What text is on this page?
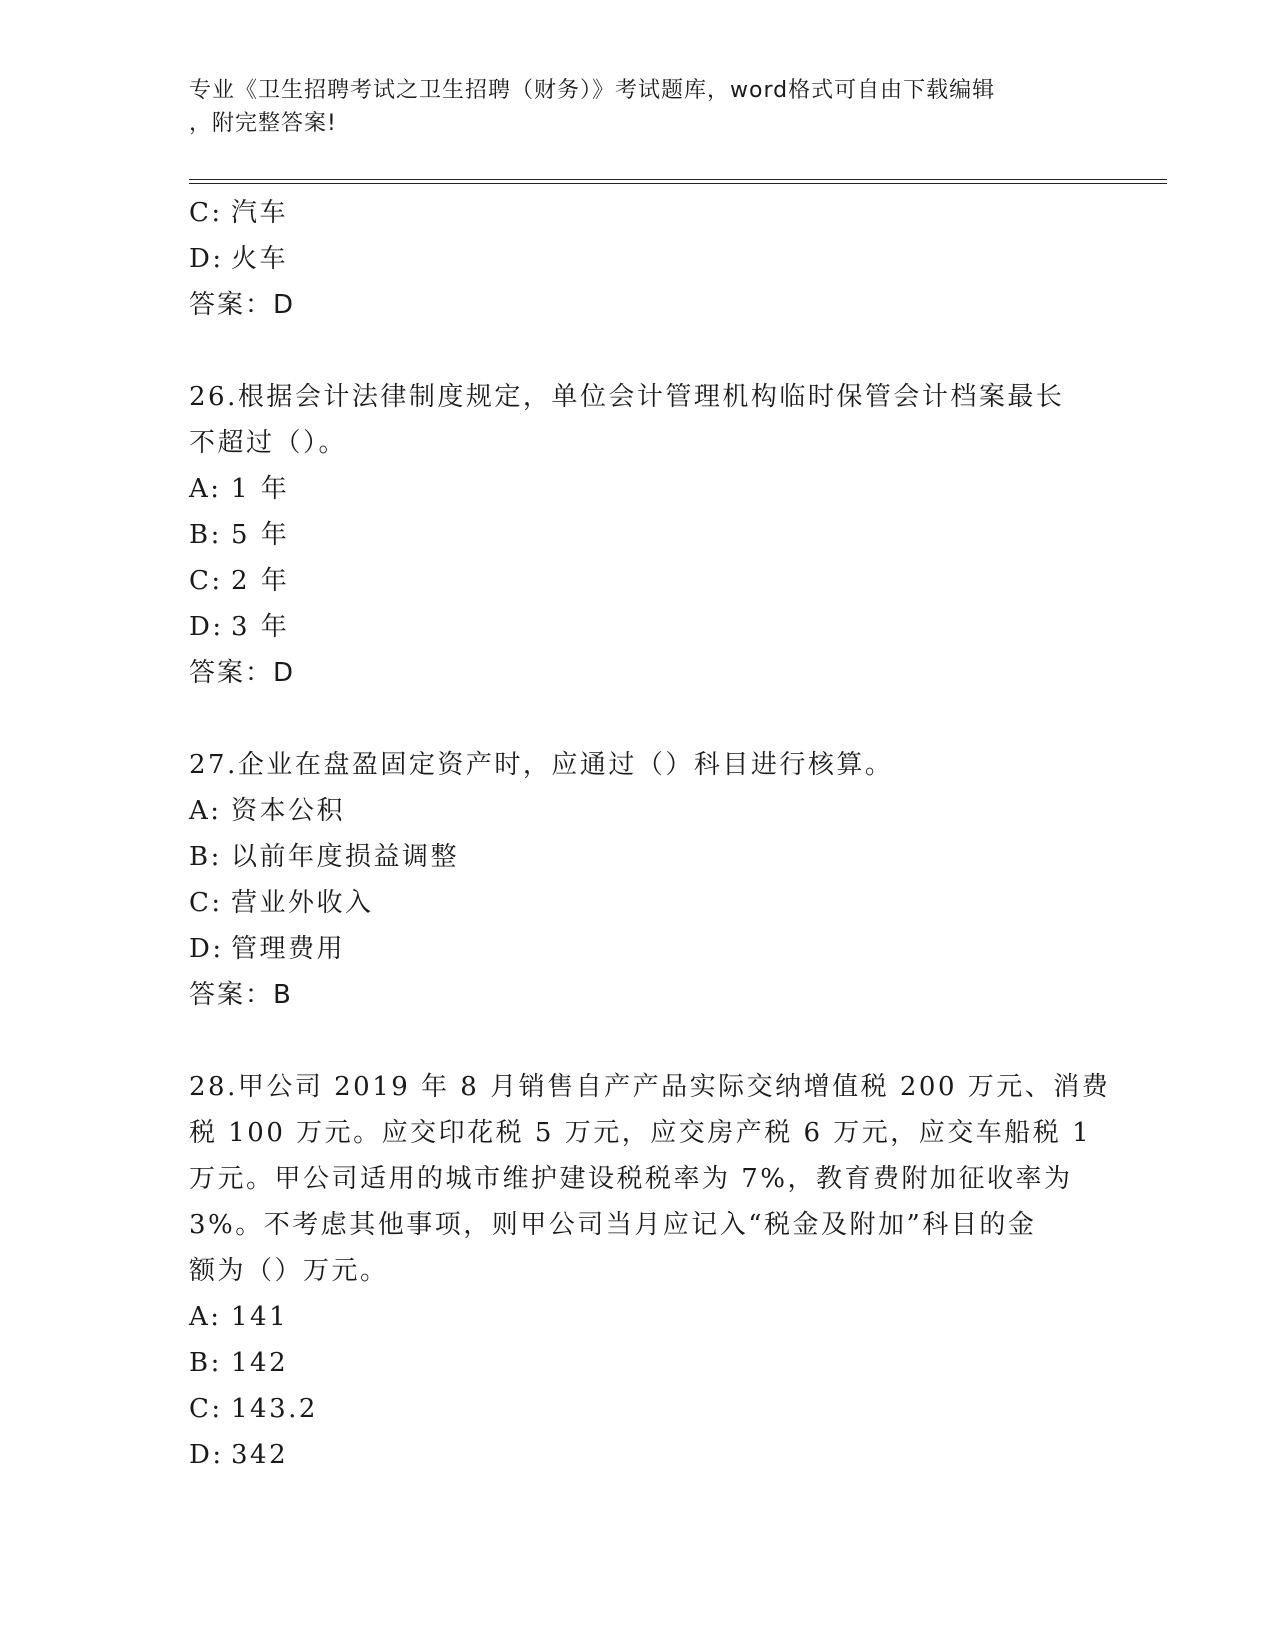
专业《卫生招聘考试之卫生招聘（财务）》考试题库，word格式可自由下载编辑
，附完整答案!
C: 汽车
D: 火车
答案：D
26.根据会计法律制度规定，单位会计管理机构临时保管会计档案最长
不超过（）。
A: 1 年
B: 5 年
C: 2 年
D: 3 年
答案：D
27.企业在盘盈固定资产时，应通过（）科目进行核算。
A: 资本公积
B: 以前年度损益调整
C: 营业外收入
D: 管理费用
答案：B
28.甲公司 2019 年 8 月销售自产产品实际交纳增值税 200 万元、消费
税 100 万元。应交印花税 5 万元，应交房产税 6 万元，应交车船税 1
万元。甲公司适用的城市维护建设税税率为 7%，教育费附加征收率为
3%。不考虑其他事项，则甲公司当月应记入“税金及附加”科目的金
额为（）万元。
A: 141
B: 142
C: 143.2
D: 342
